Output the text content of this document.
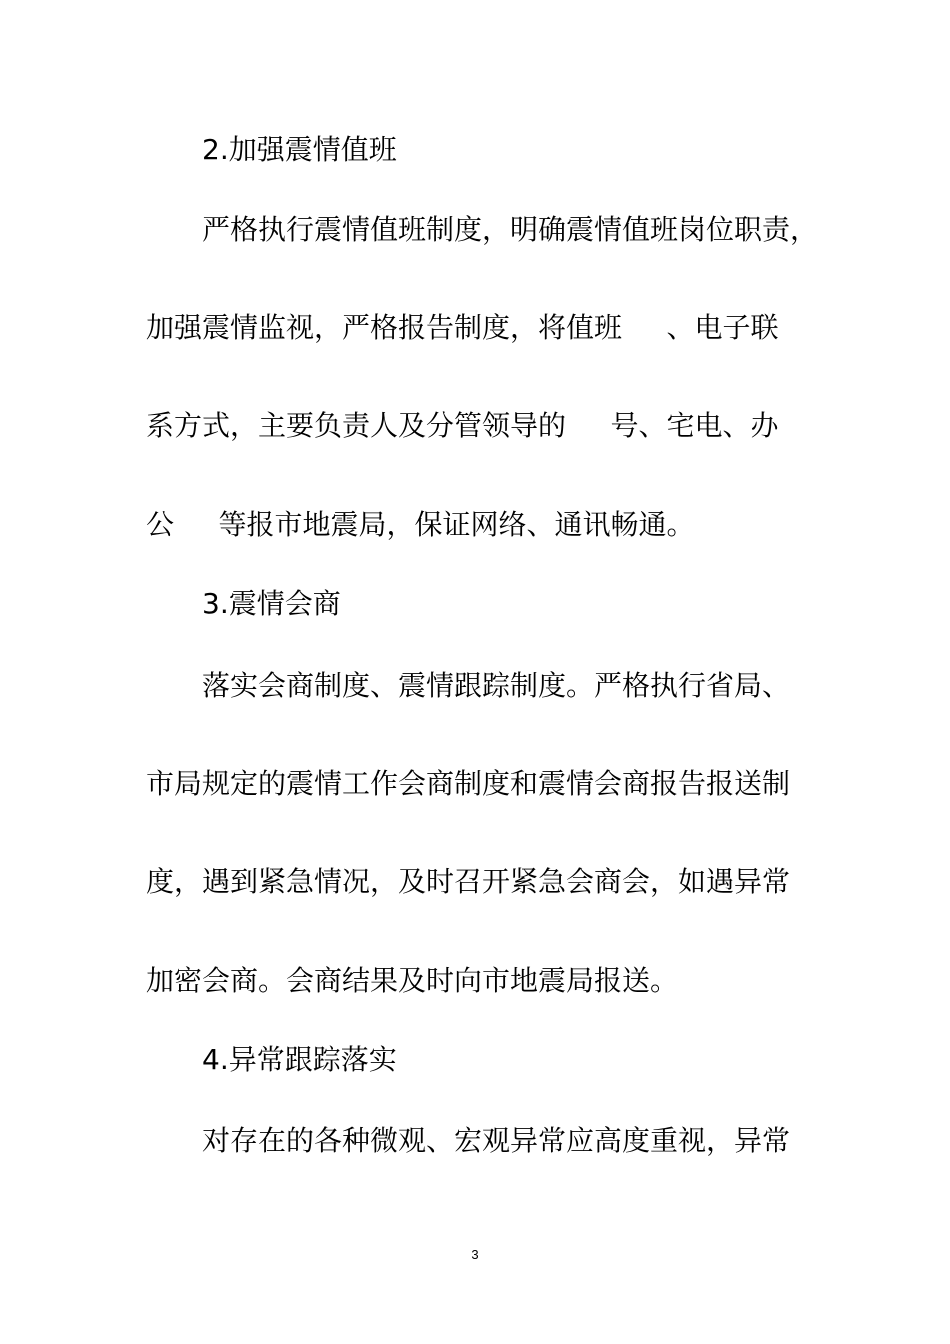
2.加强震情值班

严格执行震情值班制度，明确震情值班岗位职责，

加强震情监视，严格报告制度，将值班     、电子联

系方式，主要负责人及分管领导的     号、宅电、办

公     等报市地震局，保证网络、通讯畅通。

3.震情会商

落实会商制度、震情跟踪制度。严格执行省局、

市局规定的震情工作会商制度和震情会商报告报送制

度，遇到紧急情况，及时召开紧急会商会，如遇异常

加密会商。会商结果及时向市地震局报送。

4.异常跟踪落实

对存在的各种微观、宏观异常应高度重视，异常

3
